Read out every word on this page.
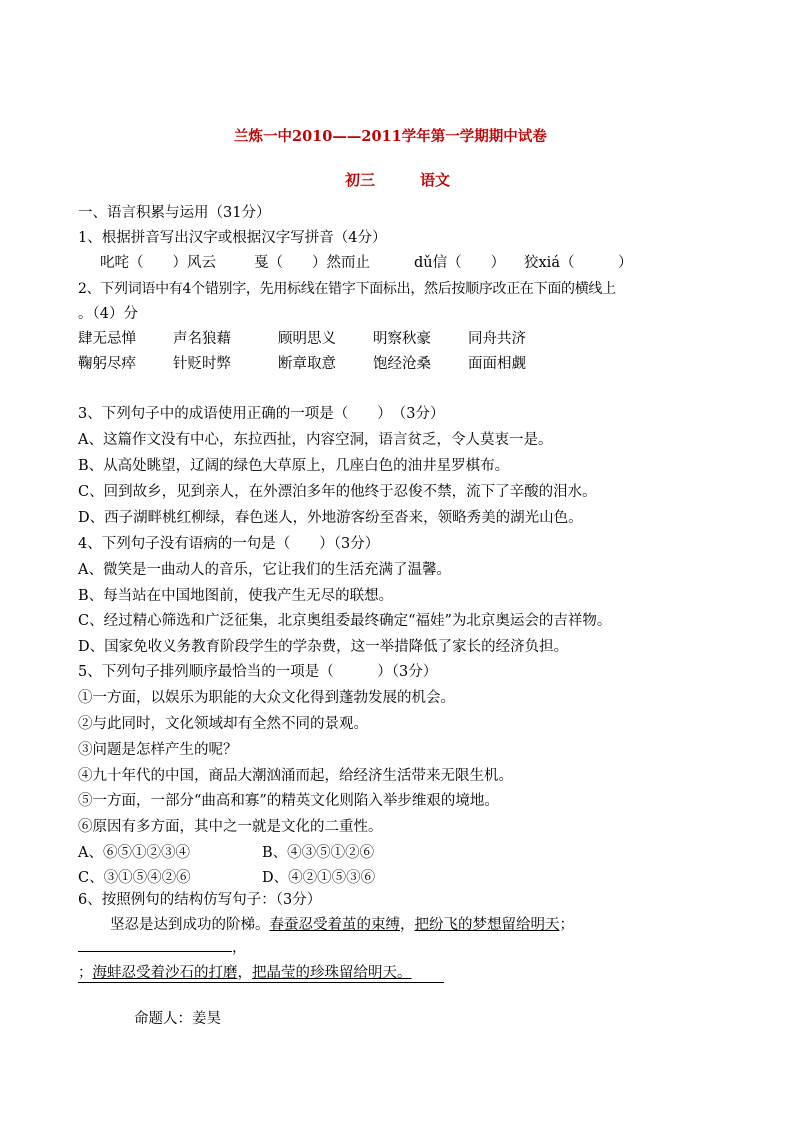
兰炼一中2010——2011学年第一学期期中试卷
初三	语文
一、语言积累与运用（31分）
1、根据拼音写出汉字或根据汉字写拼音（4分）
叱咤（　　）风云	戛（　　）然而止	dǔ信（　　） 狡xiá（　　　）
2、下列词语中有4个错别字，先用标线在错字下面标出，然后按顺序改正在下面的横线上
。（4）分
肆无忌惮	声名狼藉	顾明思义	明察秋豪	同舟共济
鞠躬尽瘁	针贬时弊	断章取意	饱经沧桑	面面相觑
3、下列句子中的成语使用正确的一项是（　　）　（3分）
A、这篇作文没有中心，东拉西扯，内容空洞，语言贫乏，令人莫衷一是。
B、从高处眺望，辽阔的绿色大草原上，几座白色的油井星罗棋布。
C、回到故乡，见到亲人，在外漂泊多年的他终于忍俊不禁，流下了辛酸的泪水。
D、西子湖畔桃红柳绿，春色迷人，外地游客纷至沓来，领略秀美的湖光山色。
4、下列句子没有语病的一句是（　　）（3分）
A、微笑是一曲动人的音乐，它让我们的生活充满了温馨。
B、每当站在中国地图前，使我产生无尽的联想。
C、经过精心筛选和广泛征集，北京奥组委最终确定“福娃”为北京奥运会的吉祥物。
D、国家免收义务教育阶段学生的学杂费，这一举措降低了家长的经济负担。
5、下列句子排列顺序最恰当的一项是（　　　）（3分）
①一方面，以娱乐为职能的大众文化得到蓬勃发展的机会。
②与此同时，文化领域却有全然不同的景观。
③问题是怎样产生的呢？
④九十年代的中国，商品大潮汹涌而起，给经济生活带来无限生机。
⑤一方面，一部分“曲高和寡”的精英文化则陷入举步维艰的境地。
⑥原因有多方面，其中之一就是文化的二重性。
A、⑥⑤①②③④	B、④③⑤①②⑥
C、③①⑤④②⑥	D、④②①⑤③⑥
6、按照例句的结构仿写句子：（3分）
坚忍是达到成功的阶梯。春蚕忍受着茧的束缚，把纷飞的梦想留给明天；
，
；海蚌忍受着沙石的打磨，把晶莹的珍珠留给明天。
命题人：姜昊
